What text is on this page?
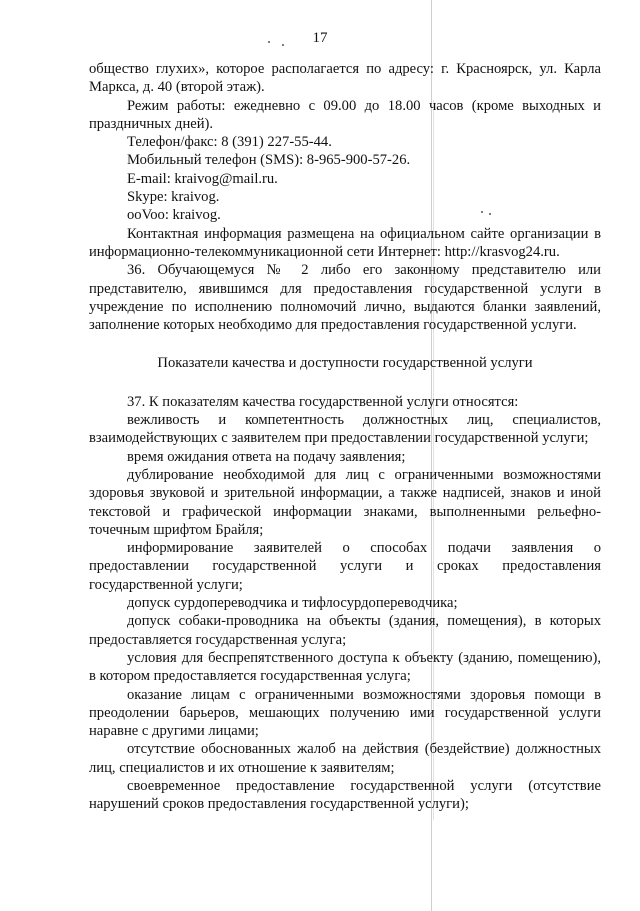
17

общество глухих», которое располагается по адресу: г. Красноярск, ул. Карла Маркса, д. 40 (второй этаж).

Режим работы: ежедневно с 09.00 до 18.00 часов (кроме выходных и праздничных дней).

Телефон/факс: 8 (391) 227-55-44.

Мобильный телефон (SMS): 8-965-900-57-26.

E-mail: kraivog@mail.ru.

Skype: kraivog.

ooVoo: kraivog.

Контактная информация размещена на официальном сайте организации в информационно-телекоммуникационной сети Интернет: http://krasvog24.ru.

36. Обучающемуся № 2 либо его законному представителю или представителю, явившимся для предоставления государственной услуги в учреждение по исполнению полномочий лично, выдаются бланки заявлений, заполнение которых необходимо для предоставления государственной услуги.

Показатели качества и доступности государственной услуги

37. К показателям качества государственной услуги относятся:

вежливость и компетентность должностных лиц, специалистов, взаимодействующих с заявителем при предоставлении государственной услуги;

время ожидания ответа на подачу заявления;

дублирование необходимой для лиц с ограниченными возможностями здоровья звуковой и зрительной информации, а также надписей, знаков и иной текстовой и графической информации знаками, выполненными рельефно-точечным шрифтом Брайля;

информирование заявителей о способах подачи заявления о предоставлении государственной услуги и сроках предоставления государственной услуги;

допуск сурдопереводчика и тифлосурдопереводчика;

допуск собаки-проводника на объекты (здания, помещения), в которых предоставляется государственная услуга;

условия для беспрепятственного доступа к объекту (зданию, помещению), в котором предоставляется государственная услуга;

оказание лицам с ограниченными возможностями здоровья помощи в преодолении барьеров, мешающих получению ими государственной услуги наравне с другими лицами;

отсутствие обоснованных жалоб на действия (бездействие) должностных лиц, специалистов и их отношение к заявителям;

своевременное предоставление государственной услуги (отсутствие нарушений сроков предоставления государственной услуги);
